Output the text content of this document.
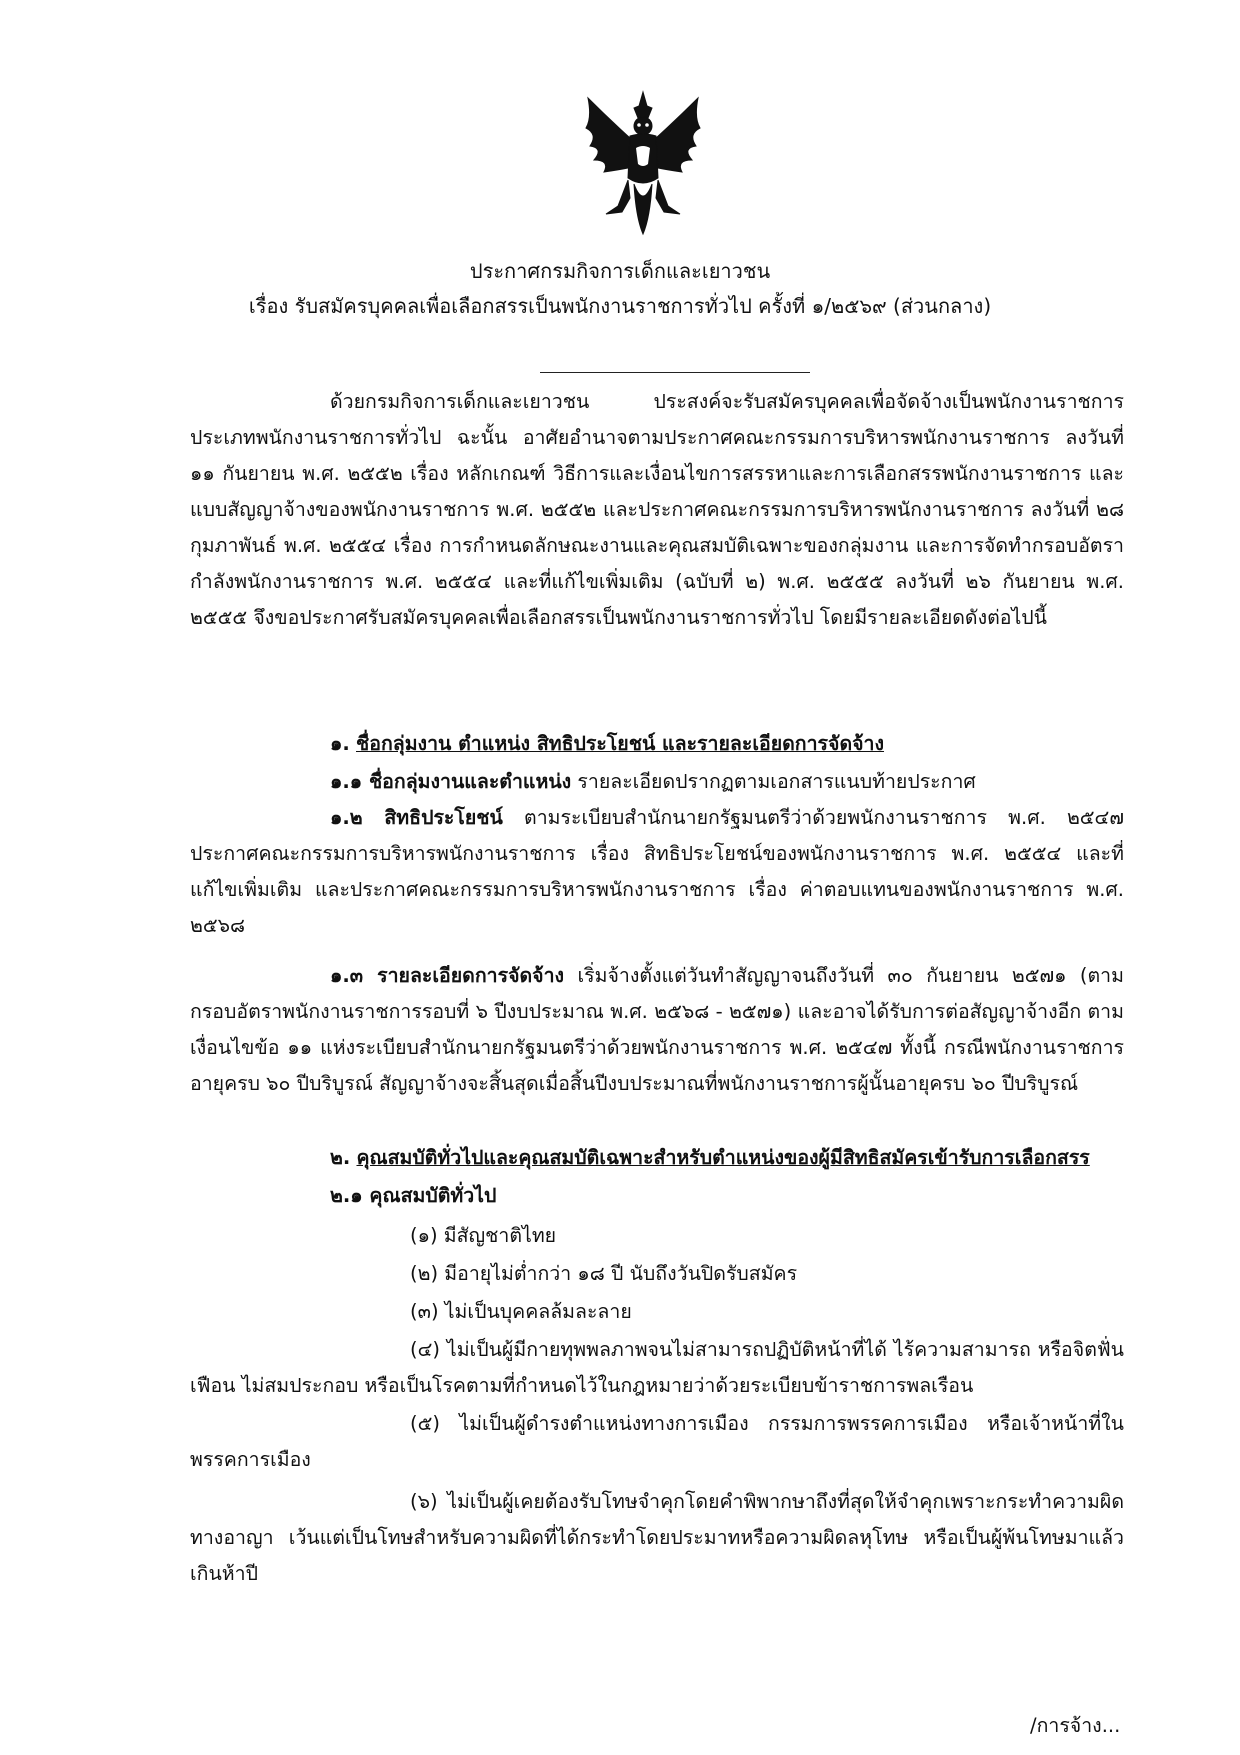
ประกาศกรมกิจการเด็กและเยาวชน
เรื่อง รับสมัครบุคคลเพื่อเลือกสรรเป็นพนักงานราชการทั่วไป ครั้งที่ ๑/๒๕๖๙ (ส่วนกลาง)

ด้วยกรมกิจการเด็กและเยาวชน ประสงค์จะรับสมัครบุคคลเพื่อจัดจ้างเป็นพนักงานราชการประเภทพนักงานราชการทั่วไป ฉะนั้น อาศัยอำนาจตามประกาศคณะกรรมการบริหารพนักงานราชการ ลงวันที่ ๑๑ กันยายน พ.ศ. ๒๕๕๒ เรื่อง หลักเกณฑ์ วิธีการและเงื่อนไขการสรรหาและการเลือกสรรพนักงานราชการ และแบบสัญญาจ้างของพนักงานราชการ พ.ศ. ๒๕๕๒ และประกาศคณะกรรมการบริหารพนักงานราชการ ลงวันที่ ๒๘ กุมภาพันธ์ พ.ศ. ๒๕๕๔ เรื่อง การกำหนดลักษณะงานและคุณสมบัติเฉพาะของกลุ่มงาน และการจัดทำกรอบอัตรากำลังพนักงานราชการ พ.ศ. ๒๕๕๔ และที่แก้ไขเพิ่มเติม (ฉบับที่ ๒) พ.ศ. ๒๕๕๕ ลงวันที่ ๒๖ กันยายน พ.ศ. ๒๕๕๕ จึงขอประกาศรับสมัครบุคคลเพื่อเลือกสรรเป็นพนักงานราชการทั่วไป โดยมีรายละเอียดดังต่อไปนี้

๑. ชื่อกลุ่มงาน ตำแหน่ง สิทธิประโยชน์ และรายละเอียดการจัดจ้าง
๑.๑ ชื่อกลุ่มงานและตำแหน่ง รายละเอียดปรากฏตามเอกสารแนบท้ายประกาศ

๑.๒ สิทธิประโยชน์ ตามระเบียบสำนักนายกรัฐมนตรีว่าด้วยพนักงานราชการ พ.ศ. ๒๕๔๗ ประกาศคณะกรรมการบริหารพนักงานราชการ เรื่อง สิทธิประโยชน์ของพนักงานราชการ พ.ศ. ๒๕๕๔ และที่แก้ไขเพิ่มเติม และประกาศคณะกรรมการบริหารพนักงานราชการ เรื่อง ค่าตอบแทนของพนักงานราชการ พ.ศ. ๒๕๖๘

๑.๓ รายละเอียดการจัดจ้าง เริ่มจ้างตั้งแต่วันทำสัญญาจนถึงวันที่ ๓๐ กันยายน ๒๕๗๑ (ตามกรอบอัตราพนักงานราชการรอบที่ ๖ ปีงบประมาณ พ.ศ. ๒๕๖๘ - ๒๕๗๑) และอาจได้รับการต่อสัญญาจ้างอีก ตามเงื่อนไขข้อ ๑๑ แห่งระเบียบสำนักนายกรัฐมนตรีว่าด้วยพนักงานราชการ พ.ศ. ๒๕๔๗ ทั้งนี้ กรณีพนักงานราชการ อายุครบ ๖๐ ปีบริบูรณ์ สัญญาจ้างจะสิ้นสุดเมื่อสิ้นปีงบประมาณที่พนักงานราชการผู้นั้นอายุครบ ๖๐ ปีบริบูรณ์

๒. คุณสมบัติทั่วไปและคุณสมบัติเฉพาะสำหรับตำแหน่งของผู้มีสิทธิสมัครเข้ารับการเลือกสรร
๒.๑ คุณสมบัติทั่วไป
(๑) มีสัญชาติไทย
(๒) มีอายุไม่ต่ำกว่า ๑๘ ปี นับถึงวันปิดรับสมัคร
(๓) ไม่เป็นบุคคลล้มละลาย

(๔) ไม่เป็นผู้มีกายทุพพลภาพจนไม่สามารถปฏิบัติหน้าที่ได้ ไร้ความสามารถ หรือจิตฟั่นเฟือน ไม่สมประกอบ หรือเป็นโรคตามที่กำหนดไว้ในกฎหมายว่าด้วยระเบียบข้าราชการพลเรือน

(๕) ไม่เป็นผู้ดำรงตำแหน่งทางการเมือง กรรมการพรรคการเมือง หรือเจ้าหน้าที่ในพรรคการเมือง

(๖) ไม่เป็นผู้เคยต้องรับโทษจำคุกโดยคำพิพากษาถึงที่สุดให้จำคุกเพราะกระทำความผิดทางอาญา เว้นแต่เป็นโทษสำหรับความผิดที่ได้กระทำโดยประมาทหรือความผิดลหุโทษ หรือเป็นผู้พ้นโทษมาแล้วเกินห้าปี

/การจ้าง...
